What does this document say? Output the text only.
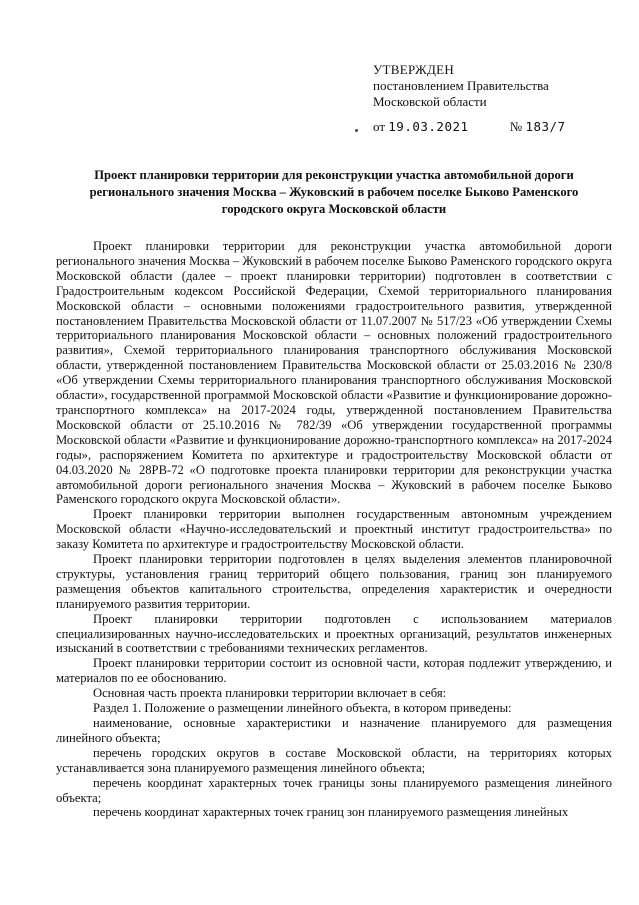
УТВЕРЖДЕН
постановлением Правительства
Московской области
от 19.03.2021	№ 183/7
Проект планировки территории для реконструкции участка автомобильной дороги регионального значения Москва – Жуковский в рабочем поселке Быково Раменского городского округа Московской области

Проект планировки территории для реконструкции участка автомобильной дороги регионального значения Москва – Жуковский в рабочем поселке Быково Раменского городского округа Московской области (далее – проект планировки территории) подготовлен в соответствии с Градостроительным кодексом Российской Федерации, Схемой территориального планирования Московской области – основными положениями градостроительного развития, утвержденной постановлением Правительства Московской области от 11.07.2007 № 517/23 «Об утверждении Схемы территориального планирования Московской области – основных положений градостроительного развития», Схемой территориального планирования транспортного обслуживания Московской области, утвержденной постановлением Правительства Московской области от 25.03.2016 № 230/8 «Об утверждении Схемы территориального планирования транспортного обслуживания Московской области», государственной программой Московской области «Развитие и функционирование дорожно-транспортного комплекса» на 2017-2024 годы, утвержденной постановлением Правительства Московской области от 25.10.2016 № 782/39 «Об утверждении государственной программы Московской области «Развитие и функционирование дорожно-транспортного комплекса» на 2017-2024 годы», распоряжением Комитета по архитектуре и градостроительству Московской области от 04.03.2020 № 28РВ-72 «О подготовке проекта планировки территории для реконструкции участка автомобильной дороги регионального значения Москва – Жуковский в рабочем поселке Быково Раменского городского округа Московской области».

Проект планировки территории выполнен государственным автономным учреждением Московской области «Научно-исследовательский и проектный институт градостроительства» по заказу Комитета по архитектуре и градостроительству Московской области.

Проект планировки территории подготовлен в целях выделения элементов планировочной структуры, установления границ территорий общего пользования, границ зон планируемого размещения объектов капитального строительства, определения характеристик и очередности планируемого развития территории.

Проект планировки территории подготовлен с использованием материалов специализированных научно-исследовательских и проектных организаций, результатов инженерных изысканий в соответствии с требованиями технических регламентов.

Проект планировки территории состоит из основной части, которая подлежит утверждению, и материалов по ее обоснованию.

Основная часть проекта планировки территории включает в себя:

Раздел 1. Положение о размещении линейного объекта, в котором приведены:

наименование, основные характеристики и назначение планируемого для размещения линейного объекта;

перечень городских округов в составе Московской области, на территориях которых устанавливается зона планируемого размещения линейного объекта;

перечень координат характерных точек границы зоны планируемого размещения линейного объекта;

перечень координат характерных точек границ зон планируемого размещения линейных
